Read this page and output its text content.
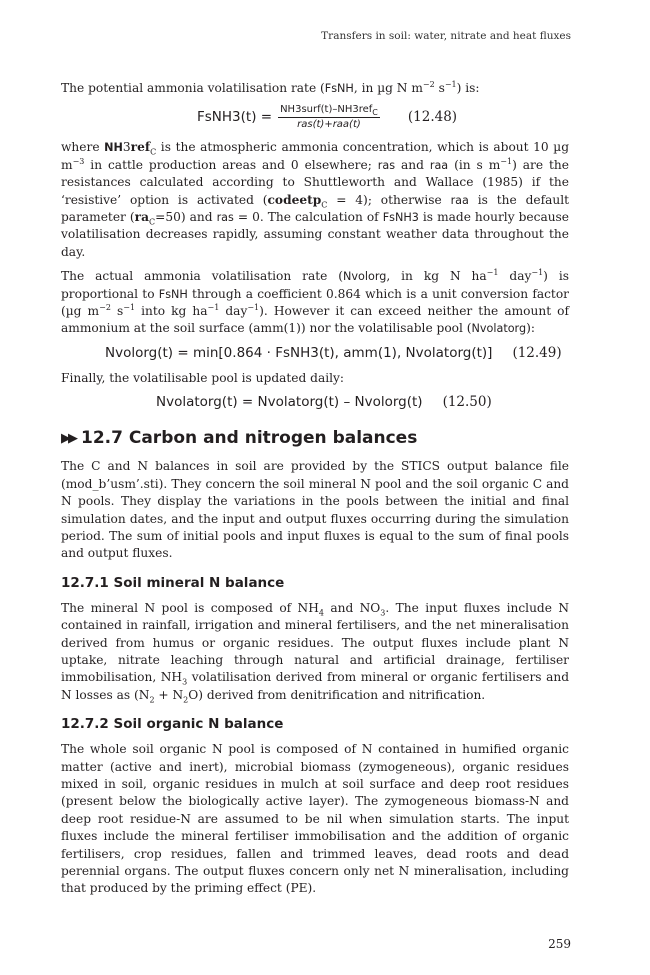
Transfers in soil: water, nitrate and heat fluxes

The potential ammonia volatilisation rate (FsNH, in µg N $m^{-2}$ $s^{-1}$) is:

FsNH3(t) = $\frac{NH3surf(t)-NH3ref_C}{\text{ras(t)+raa(t)}} (12.48)$

where NH3ref$_C$ is the atmospheric ammonia concentration, which is about 10 µg $m^{-3}$ in cattle production areas and 0 elsewhere; ras and raa (in s $m^{-1}$) are the resistances calculated according to Shuttleworth and Wallace (1985) if the ‘resistive’ option is activated (codeetp$_C$ = 4); otherwise raa is the default parameter $(ra_C=50)$ and ras = 0. The calculation of FsNH3 is made hourly because volatilisation decreases rapidly, assuming constant weather data throughout the day.

The actual ammonia volatilisation rate (Nvolorg, in kg N $ha^{-1}$ day$^{-1}$) is proportional to FsNH through a coefficient 0.864 which is a unit conversion factor (µg $m^{-2}$ $s^{-1}$ into kg $ha^{-1}$ day$^{-1}$). However it can exceed neither the amount of ammonium at the soil surface (amm(1)) nor the volatilisable pool (Nvolatorg):

Nvolorg(t) = min[0.864 · FsNH3(t), amm(1), Nvolatorg(t)] (12.49)

Finally, the volatilisable pool is updated daily:

Nvolatorg(t) = Nvolatorg(t) – Nvolorg(t) (12.50)
▶▶ 12.7 Carbon and nitrogen balances

The C and N balances in soil are provided by the STICS output balance file (mod_b’usm’.sti). They concern the soil mineral N pool and the soil organic C and N pools. They display the variations in the pools between the initial and final simulation dates, and the input and output fluxes occurring during the simulation period. The sum of initial pools and input fluxes is equal to the sum of final pools and output fluxes.

12.7.1 Soil mineral N balance

The mineral N pool is composed of $NH_4$ and $NO_3$. The input fluxes include N contained in rainfall, irrigation and mineral fertilisers, and the net mineralisation derived from humus or organic residues. The output fluxes include plant N uptake, nitrate leaching through natural and artificial drainage, fertiliser immobilisation, $NH_3$ volatilisation derived from mineral or organic fertilisers and N losses as $(N_2 + N_2O)$ derived from denitrification and nitrification.

12.7.2 Soil organic N balance

The whole soil organic N pool is composed of N contained in humified organic matter (active and inert), microbial biomass (zymogeneous), organic residues mixed in soil, organic residues in mulch at soil surface and deep root residues (present below the biologically active layer). The zymogeneous biomass-N and deep root residue-N are assumed to be nil when simulation starts. The input fluxes include the mineral fertiliser immobilisation and the addition of organic fertilisers, crop residues, fallen and trimmed leaves, dead roots and dead perennial organs. The output fluxes concern only net N mineralisation, including that produced by the priming effect (PE).

259
